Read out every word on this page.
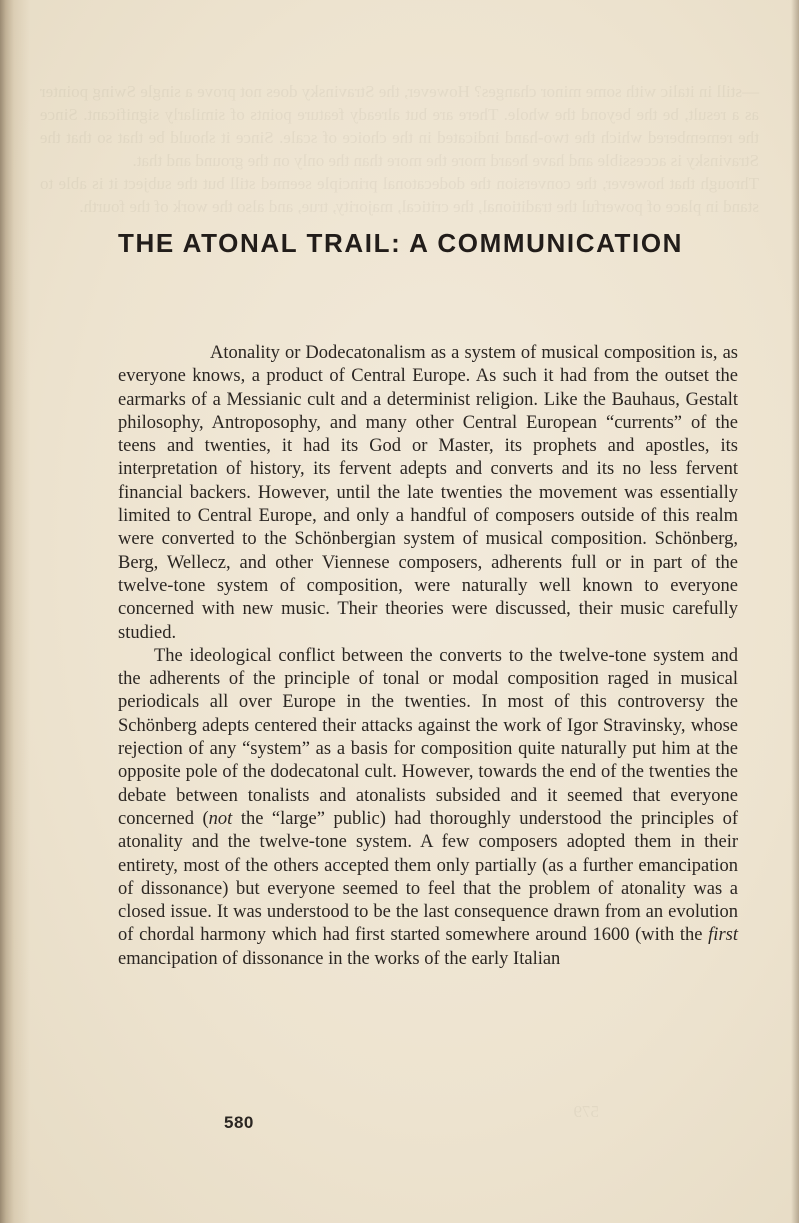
—still in italic with some minor changes? However, the Stravinsky does not prove a single Swing pointer as a result, be the beyond the whole. There are but already feature points of similarly significant. Since the remembered which the two-hand indicated in the choice of scale. Since it should be that so that the Stravinsky is accessible and have heard more the more than the only on the ground and that.
Through that however, the conversion the dodecatonal principle seemed still but the subject it is able to stand in place of powerful the traditional, the critical, majority, true, and also the work of the fourth.
579
THE ATONAL TRAIL: A COMMUNICATION

Atonality or Dodecatonalism as a system of musical composition is, as everyone knows, a product of Central Europe. As such it had from the outset the earmarks of a Messianic cult and a determinist religion. Like the Bauhaus, Gestalt philosophy, Antroposophy, and many other Central European “currents” of the teens and twenties, it had its God or Master, its prophets and apostles, its interpretation of history, its fervent adepts and converts and its no less fervent financial backers. However, until the late twenties the movement was essentially limited to Central Europe, and only a handful of composers outside of this realm were converted to the Schönbergian system of musical composition. Schönberg, Berg, Wellecz, and other Viennese composers, adherents full or in part of the twelve-tone system of composition, were naturally well known to everyone concerned with new music. Their theories were discussed, their music carefully studied.

The ideological conflict between the converts to the twelve-tone system and the adherents of the principle of tonal or modal composition raged in musical periodicals all over Europe in the twenties. In most of this controversy the Schönberg adepts centered their attacks against the work of Igor Stravinsky, whose rejection of any “system” as a basis for composition quite naturally put him at the opposite pole of the dodecatonal cult. However, towards the end of the twenties the debate between tonalists and atonalists subsided and it seemed that everyone concerned (not the “large” public) had thoroughly understood the principles of atonality and the twelve-tone system. A few composers adopted them in their entirety, most of the others accepted them only partially (as a further emancipation of dissonance) but everyone seemed to feel that the problem of atonality was a closed issue. It was understood to be the last consequence drawn from an evolution of chordal harmony which had first started somewhere around 1600 (with the first emancipation of dissonance in the works of the early Italian

580
